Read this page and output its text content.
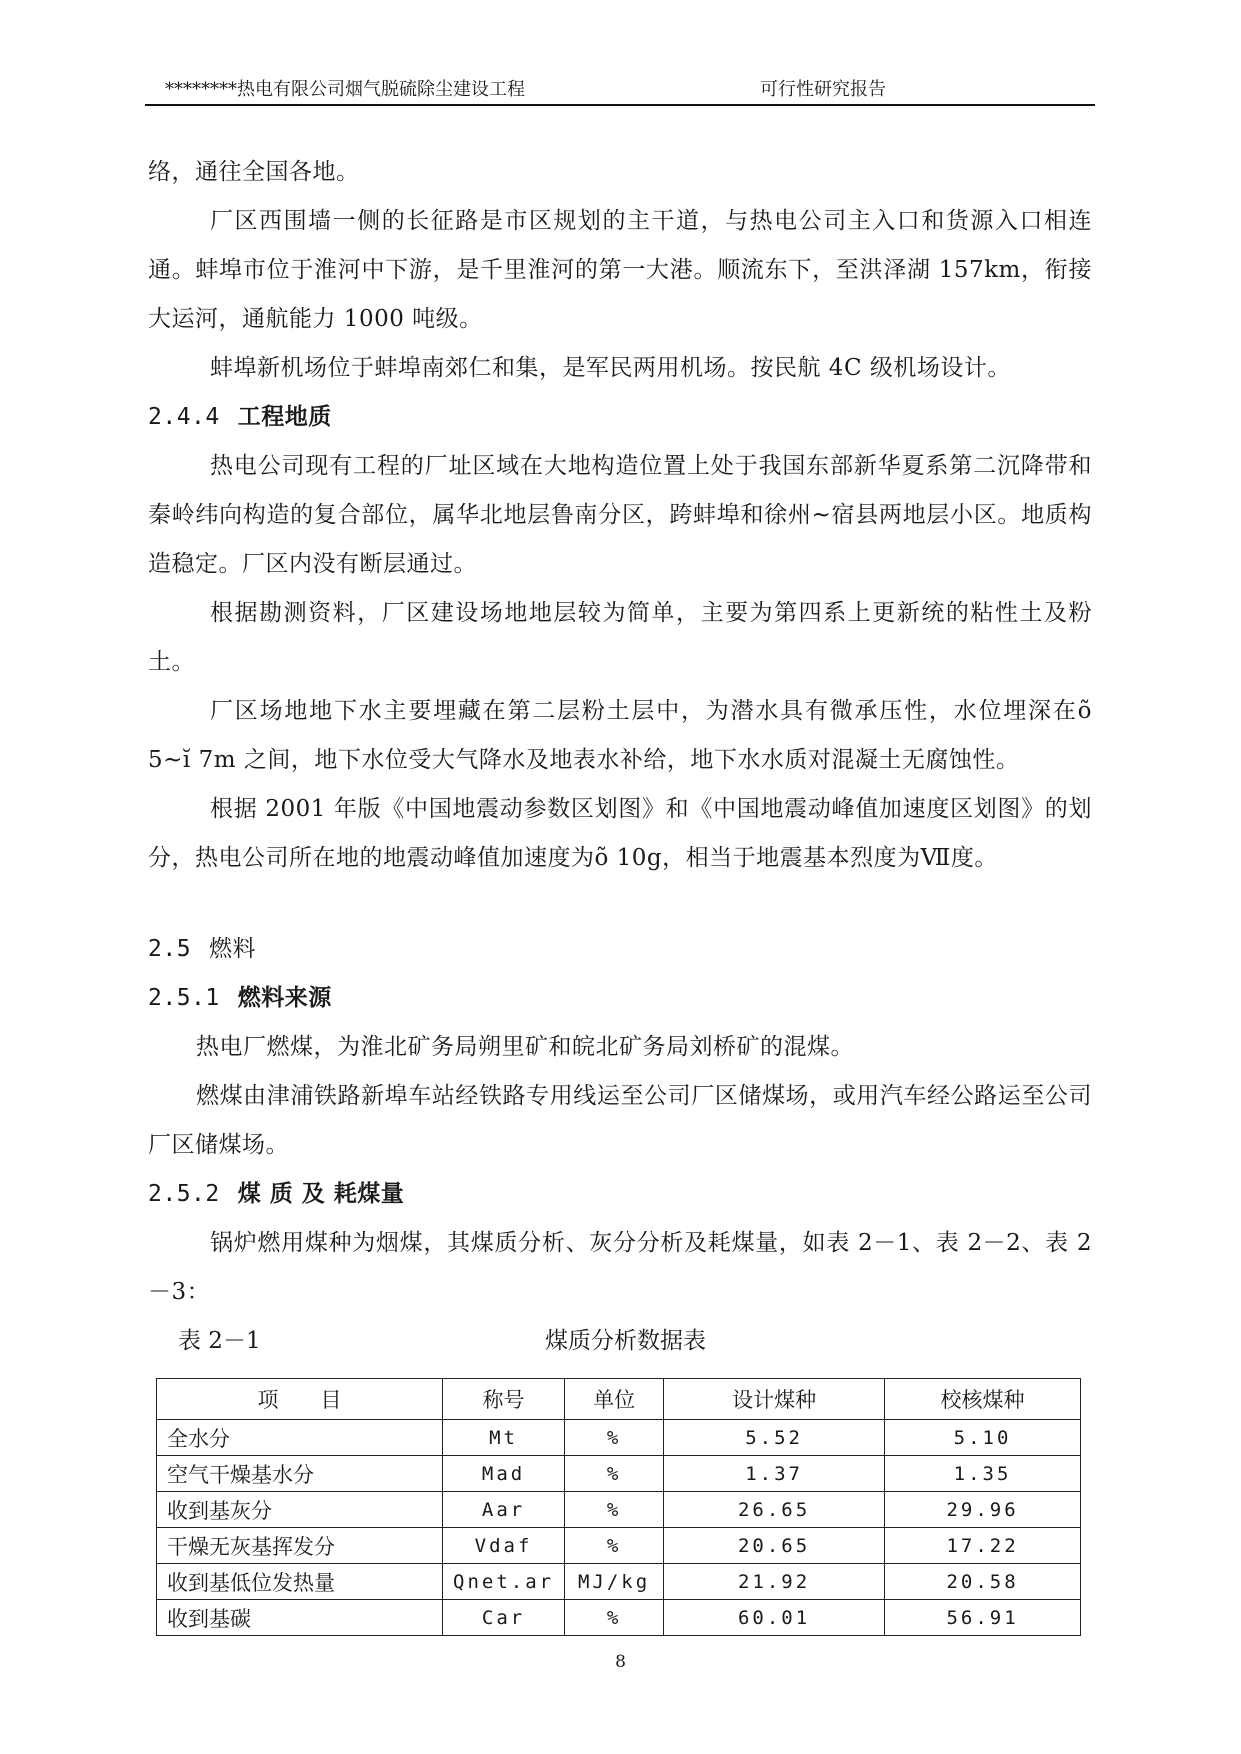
********热电有限公司烟气脱硫除尘建设工程	可行性研究报告

络，通往全国各地。

厂区西围墙一侧的长征路是市区规划的主干道，与热电公司主入口和货源入口相连通。蚌埠市位于淮河中下游，是千里淮河的第一大港。顺流东下，至洪泽湖 157km，衔接大运河，通航能力 1000 吨级。

蚌埠新机场位于蚌埠南郊仁和集，是军民两用机场。按民航 4C 级机场设计。

2.4.4 工程地质

热电公司现有工程的厂址区域在大地构造位置上处于我国东部新华夏系第二沉降带和秦岭纬向构造的复合部位，属华北地层鲁南分区，跨蚌埠和徐州~宿县两地层小区。地质构造稳定。厂区内没有断层通过。

根据勘测资料，厂区建设场地地层较为简单，主要为第四系上更新统的粘性土及粉土。

厂区场地地下水主要埋藏在第二层粉土层中，为潜水具有微承压性，水位埋深在õ 5~ĭ 7m 之间，地下水位受大气降水及地表水补给，地下水水质对混凝土无腐蚀性。

根据 2001 年版《中国地震动参数区划图》和《中国地震动峰值加速度区划图》的划分，热电公司所在地的地震动峰值加速度为õ 10g，相当于地震基本烈度为Ⅶ度。

2.5 燃料
2.5.1 燃料来源

热电厂燃煤，为淮北矿务局朔里矿和皖北矿务局刘桥矿的混煤。

燃煤由津浦铁路新埠车站经铁路专用线运至公司厂区储煤场，或用汽车经公路运至公司厂区储煤场。

2.5.2 煤 质 及 耗煤量

锅炉燃用煤种为烟煤，其煤质分析、灰分分析及耗煤量，如表 2－1、表 2－2、表 2－3：

表 2－1	煤质分析数据表
项　　目	称号	单位	设计煤种	校核煤种
全水分	Mt	%	5.52	5.10
空气干燥基水分	Mad	%	1.37	1.35
收到基灰分	Aar	%	26.65	29.96
干燥无灰基挥发分	Vdaf	%	20.65	17.22
收到基低位发热量	Qnet.ar	MJ/kg	21.92	20.58
收到基碳	Car	%	60.01	56.91
8
